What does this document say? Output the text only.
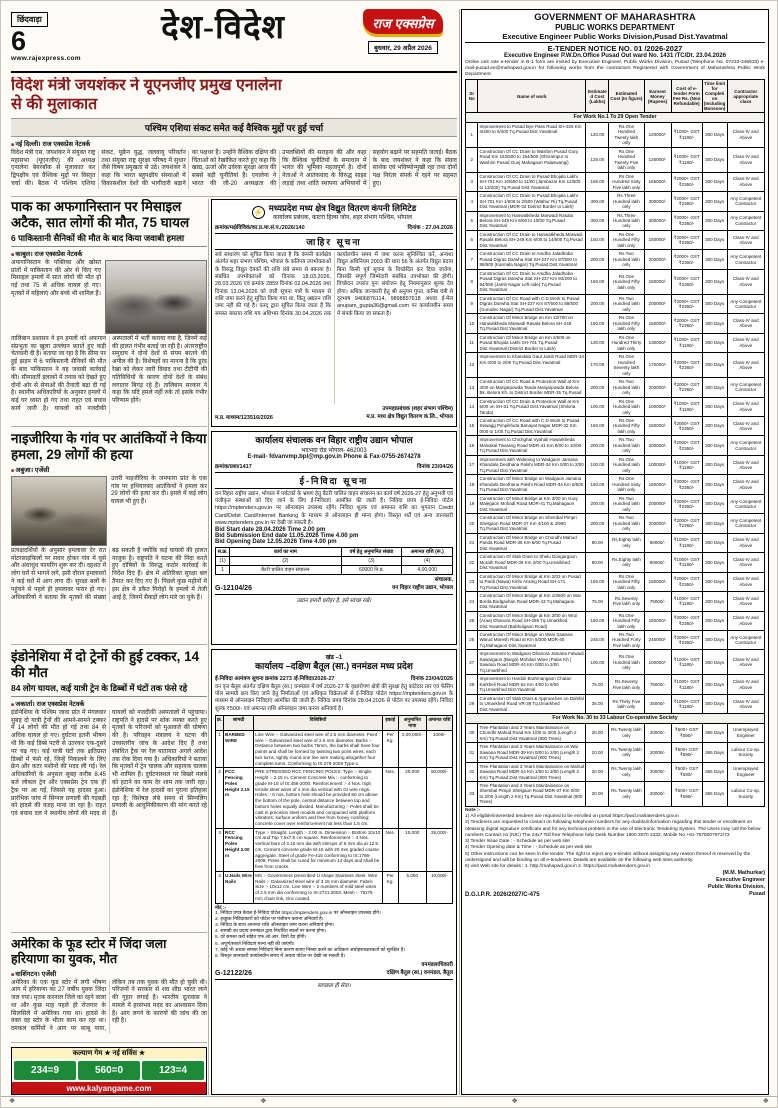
छिंदवाड़ा
6
www.rajexpress.com
देश-विदेश	राज एक्सप्रेस
बुधवार, 29 अप्रैल 2026
विदेश मंत्री जयशंकर ने यूएनजीए प्रमुख एनालेना से की मुलाकात
पश्चिम एशिया संकट समेत कई वैश्विक मुद्दों पर हुई चर्चा
■ नई दिल्ली। राज एक्सप्रेस नेटवर्क
विदेश मंत्री एस. जयशंकर ने संयुक्त राष्ट्र महासभा (यूएनजीए) की अध्यक्ष एनालेना बेयरबॉक से मुलाकात कर द्विपक्षीय एवं वैश्विक मुद्दों पर विस्तृत चर्चा की। बैठक में पश्चिम एशिया संकट, यूक्रेन युद्ध, जलवायु परिवर्तन तथा संयुक्त राष्ट्र सुरक्षा परिषद में सुधार जैसे विषय प्रमुखता से उठे। जयशंकर ने कहा कि भारत बहुपक्षीय संस्थाओं में विकासशील देशों की भागीदारी बढ़ाने का पक्षधर है। उन्होंने वैश्विक दक्षिण की चिंताओं को रेखांकित करते हुए कहा कि खाद्य, ऊर्जा और उर्वरक सुरक्षा आज की सबसे बड़ी चुनौतियां हैं। एनालेना ने भारत की जी-20 अध्यक्षता की उपलब्धियों की सराहना की और कहा कि वैश्विक चुनौतियों के समाधान में भारत की भूमिका महत्वपूर्ण है। दोनों नेताओं ने आतंकवाद के विरुद्ध साझा लड़ाई तथा शांति स्थापना अभियानों में सहयोग बढ़ाने पर सहमति जताई। बैठक के बाद जयशंकर ने कहा कि संवाद सार्थक एवं भविष्योन्मुखी रहा तथा दोनों पक्ष निरंतर संपर्क में रहने पर सहमत हुए।
पाक का अफगानिस्तान पर मिसाइल अटैक, सात लोगों की मौत, 75 घायल
6 पाकिस्तानी सैनिकों की मौत के बाद किया जवाबी हमला
■ काबुल। राज एक्सप्रेस नेटवर्क
अफगानिस्तान के पक्तिका और खोस्त प्रांतों में पाकिस्तान की ओर से किए गए मिसाइल हमलों में सात लोगों की मौत हो गई तथा 75 से अधिक घायल हो गए। मृतकों में महिलाएं और बच्चे भी शामिल हैं।
तालिबान प्रशासन ने इन हमलों को अफगान संप्रभुता का खुला उल्लंघन बताते हुए कड़ी चेतावनी दी है। बताया जा रहा है कि सीमा पर हुई झड़प में 6 पाकिस्तानी सैनिकों की मौत के बाद पाकिस्तान ने यह जवाबी कार्रवाई की। सीमावर्ती इलाकों में तनाव को देखते हुए दोनों ओर से सेनाओं की तैनाती बढ़ा दी गई है। स्थानीय अधिकारियों के अनुसार हमलों में कई घर ध्वस्त हो गए तथा राहत एवं बचाव कार्य जारी है। घायलों को नजदीकी अस्पतालों में भर्ती कराया गया है, जिनमें कई की हालत गंभीर बताई जा रही है। अंतरराष्ट्रीय समुदाय ने दोनों देशों से संयम बरतने की अपील की है। विशेषज्ञों का मानना है कि डूरंड रेखा को लेकर जारी विवाद तथा टीटीपी की गतिविधियों के कारण दोनों देशों के संबंध लगातार बिगड़ रहे हैं। तालिबान सरकार ने कहा कि यदि हमले नहीं रुके तो इसके गंभीर परिणाम होंगे।
नाइजीरिया के गांव पर आतंकियों ने किया हमला, 29 लोगों की हत्या
■ अबुजा। एजेंसी
उत्तरी नाइजीरिया के जमफारा प्रांत के एक गांव पर हथियारबंद आतंकियों ने हमला कर 29 लोगों की हत्या कर दी। हमले में कई लोग घायल भी हुए हैं।
प्रत्यक्षदर्शियों के अनुसार हमलावर देर रात मोटरसाइकिलों पर सवार होकर गांव में घुसे और अंधाधुंध फायरिंग शुरू कर दी। दहशत में लोग घरों से भागने लगे, इसी दौरान हमलावरों ने कई घरों में आग लगा दी। सुरक्षा बलों के पहुंचने से पहले ही हमलावर फरार हो गए। अधिकारियों ने बताया कि मृतकों की संख्या बढ़ सकती है क्योंकि कई घायलों की हालत नाजुक है। राष्ट्रपति ने घटना की निंदा करते हुए दोषियों के विरुद्ध कठोर कार्रवाई के निर्देश दिए हैं। क्षेत्र में अतिरिक्त सुरक्षा बल तैनात कर दिए गए हैं। पिछले कुछ महीनों में इस क्षेत्र में डकैत गिरोहों के हमलों में तेजी आई है, जिनमें सैकड़ों लोग मारे जा चुके हैं।
इंडोनेशिया में दो ट्रेनों की हुई टक्कर, 14 की मौत
84 लोग घायल, कई यात्री ट्रेन के डिब्बों में घंटों तक फंसे रहे
■ जकार्ता। राज एक्सप्रेस नेटवर्क
इंडोनेशिया के पश्चिम जावा प्रांत में मंगलवार सुबह दो यात्री ट्रेनों की आमने-सामने टक्कर में 14 लोगों की मौत हो गई तथा 84 से अधिक घायल हो गए। दुर्घटना इतनी भीषण थी कि कई डिब्बे पटरी से उतरकर एक-दूसरे पर चढ़ गए। कई यात्री घंटों तक क्षतिग्रस्त डिब्बों में फंसे रहे, जिन्हें निकालने के लिए क्रेन और कटर मशीनों की मदद ली गई। रेल अधिकारियों के अनुसार सुबह करीब 8.45 बजे लोकल ट्रेन और एक्सप्रेस ट्रेन एक ही ट्रैक पर आ गईं, जिससे यह हादसा हुआ। प्रारंभिक जांच में सिग्नल प्रणाली की गड़बड़ी को हादसे की वजह माना जा रहा है। राहत एवं बचाव दल ने स्थानीय लोगों की मदद से घायलों को नजदीकी अस्पतालों में पहुंचाया। राष्ट्रपति ने हादसे पर शोक व्यक्त करते हुए मृतकों के परिजनों को मुआवजे की घोषणा की है। परिवहन मंत्रालय ने घटना की उच्चस्तरीय जांच के आदेश दिए हैं तथा संबंधित ट्रैक पर रेल यातायात अगले आदेश तक रोक दिया गया है। अधिकारियों ने बताया कि मृतकों में ट्रेन चालक और सहायक चालक भी शामिल हैं। दुर्घटनास्थल पर बिखरे मलबे को हटाने का काम देर शाम तक जारी रहा। इंडोनेशिया में रेल हादसों का पुराना इतिहास रहा है; विशेषज्ञ लंबे समय से सिग्नलिंग प्रणाली के आधुनिकीकरण की मांग करते रहे हैं।
अमेरिका के फूड स्टोर में जिंदा जला हरियाणा का युवक, मौत
■ वाशिंगटन। एजेंसी
अमेरिका के एक फूड स्टोर में लगी भीषण आग में हरियाणा का 27 वर्षीय युवक जिंदा जल गया। मृतक करनाल जिले का रहने वाला था और कुछ माह पहले ही रोजगार के सिलसिले में अमेरिका गया था। हादसे के वक्त वह स्टोर के भीतर काम कर रहा था। दमकल कर्मियों ने आग पर काबू पाया, लेकिन तब तक युवक की मौत हो चुकी थी। परिजनों ने सरकार से शव शीघ्र भारत लाने की गुहार लगाई है। भारतीय दूतावास ने मामले में हरसंभव मदद का आश्वासन दिया है। आग लगने के कारणों की जांच की जा रही है।
कल्याण गेम ★ नई सर्विस ★
234=9	560=0	123=4
www.kalyangame.com
⚡ मध्यप्रदेश मध्य क्षेत्र विद्युत वितरण कंपनी लिमिटेड
कार्यालय प्रबंधक, काटरा हिल्स जोन, शहर संभाग पश्चिम, भोपाल
क्रमांक/मक्षेविविकं/का.प्र./श.सं.प./2026/140	दिनांक : 27.04.2026
जाहिर सूचना
सर्व साधारण को सूचित किया जाता है कि कंपनी कार्यक्षेत्र अंतर्गत शहर संभाग पश्चिम, भोपाल के कतिपय उपभोक्ताओं के विरुद्ध विद्युत देयकों की राशि लंबे समय से बकाया है। संबंधित उपभोक्ताओं को दिनांक 18.03.2026, 28.03.2026 एवं क्रमांक 2859 दिनांक 02.04.2026 तथा दिनांक 13.04.2026 को जारी सूचना पत्रों के माध्यम से राशि जमा करने हेतु सूचित किया गया था, किंतु अद्यतन राशि जमा नहीं की गई है। एतद् द्वारा सूचित किया जाता है कि समस्त बकाया राशि मय अधिभार दिनांक 30.04.2026 तक कार्यालयीन समय में जमा करना सुनिश्चित करें, अन्यथा विद्युत अधिनियम 2003 की धारा 56 के अंतर्गत विद्युत प्रदाय बिना किसी पूर्व सूचना के विच्छेदित कर दिया जावेगा, जिसकी संपूर्ण जिम्मेदारी संबंधित उपभोक्ता की होगी। विच्छेदन उपरांत पुनः संयोजन हेतु नियमानुसार शुल्क देय होगा। अधिक जानकारी हेतु श्री अनुपम गुप्ता, कनिष्ठ यंत्री से दूरभाष 9406876114, 9898897618 अथवा ई-मेल anupam_gupta36@gmail.com पर कार्यालयीन समय में संपर्क किया जा सकता है।
म.प्र. माध्यम/123516/2026
उपमहाप्रबंधक (शहर संभाग पश्चिम)
म.प्र. मध्य क्षेत्र विद्युत वितरण कं.लि., भोपाल
कार्यालय संचालक वन विहार राष्ट्रीय उद्यान भोपाल
भदभदा रोड भोपाल- 462003
E-mail- fdvanvmp.bpl@mp.gov.in Phone & Fax-0755-2674278
क्रमांक/प्रशा/1417	दिनांक 23/04/26
ई-निविदा सूचना
वन विहार राष्ट्रीय उद्यान, भोपाल में पर्यटकों के भ्रमण हेतु बैटरी चालित वाहन संचालन का कार्य वर्ष 2026-27 हेतु अनुभवी एवं पंजीकृत संस्थाओं को दिए जाने के लिए ई-निविदाएं आमंत्रित की जाती हैं। निविदा प्रपत्र ई-निविदा पोर्टल https://mptenders.gov.in पर ऑनलाइन उपलब्ध रहेंगे। निविदा शुल्क एवं अमानत राशि का भुगतान Credit Card/Debit Card/Internet Banking के माध्यम से ऑनलाइन ही मान्य होगा। विस्तृत शर्तें एवं अन्य जानकारी www.mptenders.gov.in पर देखी जा सकती है।
Bid Start date 28.04.2026 Time 2.00 pm
Bid Submission End date 11.05.2026 Time 4.00 pm
Bid Opening Date 12.05.2026 Time 4.00 pm
स.क्र.	कार्य का नाम	वर्ष हेतु अनुमानित संख्या	अमानत राशि (रू.)
(1)	(2)	(3)	(4)
1	बैटरी चालित वाहन संचालन	60000 नि.प्र.	4,00,000
G-12104/26
संचालक,
वन विहार राष्ट्रीय उद्यान, भोपाल
उद्यान हमारी धरोहर है, इसे स्वच्छ रखें।
खंड –1
कार्यालय –दक्षिण बैतूल (सा.) वनमंडल मध्य प्रदेश
ई-निविदा आमंत्रण सूचना क्रमांक 2273 /ई-निविदा/2026-27	दिनांक 23/04/2026
वन वृत्त बैतूल अंतर्गत दक्षिण बैतूल (सा.) वनमंडल में वर्ष 2026-27 के वृक्षारोपण क्षेत्रों की सुरक्षा हेतु कांटेदार तार एवं फेंसिंग पोल सामग्री क्रय किए जाने हेतु निर्माताओं एवं अधिकृत विक्रेताओं से ई-निविदा पोर्टल https://mptenders.gov.in के माध्यम से ऑनलाइन निविदाएं आमंत्रित की जाती हैं। निविदा प्रपत्र दिनांक 28.04.2026 से पोर्टल पर उपलब्ध रहेंगे। निविदा शुल्क ₹500/- एवं अमानत राशि ऑनलाइन जमा करना अनिवार्य है।
क्र.	सामग्री	विशिष्टियाँ	इकाई	अनुमानित मात्रा	अमानत राशि
1	BARBED WIRE	Line Wire :- Galvanized steel wire of 2.5 mm diameter. Point wire :- Galvanized steel wire of 2.5 mm diameter. Barbs :- Distance between two barbs 75mm, the barbs shall have four points and shall be formed by twisting two point wires, each two turns, tightly round one line wire making altogether four complete turns. Conforming to IS:278-2009 Type-1.	Per Kg.	2,00,000/-	1000/-
2	PCC Fencing Poles Height 2.15 m	PRE STRESSED RCC FENCING POLES. Type :- Single. Height :- 2.15 m. Cement Concrete Mix :- conforming to grade M-15 of IS:456-2000. Reinforcement :- 4 Nos. high tensile steel wires of 4 mm dia vertical with GI wire rings. Holes :- 6 nos, bottom hole should be provided 50 cm above the bottom of the pole, central distance between top and bottom holes equally divided. Manufacturing :- Poles shall be cast in precision steel moulds and compacted with platform vibrators; surface uniform and free from honey combing; concrete cover over reinforcement not less than 1.5 cm.	Nos.	25,000	50,000/-
3	RCC Fencing Poles Height 2.00 m	Type :- Straight. Length :- 2.00 m. Dimension :- Bottom 10x10 cm and Top 7.5x7.5 cm square. Reinforcement :- 4 Nos. vertical bars of 3.15 mm dia with stirrups of 6 mm dia at 12.5 cm. Cement concrete grade M-15 with 20 mm graded coarse aggregate. Steel of grade Fe-415 conforming to IS:1786-2008. Poles shall be cured for minimum 14 days and shall be free from cracks.	Nos.	15,000	25,000/-
4	U.Nails Wire Nails	MS :- Government prescribed U shape Stainless Steel. Wire Nails :- Galvanized steel wire of 3.15 mm diameter. Fabric Size :- 10x12 cm. Line Wire :- 2 numbers of mild steel wires of 2.5 mm dia conforming to IS-2721:2003. Mesh :- 75x75 mm chain link, zinc coated.	Per Kg.	5,000	10,000/-
नोट :-
1. निविदा प्रपत्र केवल ई-निविदा पोर्टल https://mptenders.gov.in पर ऑनलाइन उपलब्ध होंगे।
2. इच्छुक निविदाकारों को पोर्टल पर पंजीयन कराना अनिवार्य है।
3. निविदा के साथ अमानत राशि ऑनलाइन जमा करना अनिवार्य होगा।
4. सामग्री का प्रदाय वनमंडल द्वारा निर्धारित स्थलों पर करना होगा।
5. दरें समस्त करों सहित एफ.ओ.आर. डिपो देय होंगी।
6. अपूर्ण/सशर्त निविदाएं मान्य नहीं की जाएंगी।
7. कोई भी अथवा समस्त निविदाएं बिना कारण बताए निरस्त करने का अधिकार अधोहस्ताक्षरकर्ता को सुरक्षित है।
8. विस्तृत जानकारी कार्यालयीन समय में अथवा पोर्टल पर देखी जा सकती है।
G-12122/26
वनमंडलाधिकारी
दक्षिण बैतूल (सा.) वनमंडल, बैतूल
स्वच्छता ही सेवा।
GOVERNMENT OF MAHARASHTRA
PUBLIC WORKS DEPARTMENT
Executive Engineer Public Works Division,Pusad Dist.Yavatmal
E-TENDER NOTICE NO. 01 /2026-2027
Executive Engineer P.W.Dn.Office Pusad Out ward No. 1431 /TC/Dt. 23.04.2026
Online unit rate e-tender in B-1 form are invited by Executive Engineer, Public Works Division, Pusad (Telephone No. 07233-246533) e-mail-pusad.ee@mahapwd.gov.in for following works from the contractors Registered with Government of Maharashtra Public Work Department.
Sr No	Name of work	Estimated Cost (Lakhs)	Estimated Cost (In figure)	Earnest Money (Rupees)	Cost of e-tender Form Fee Rs. (Non Refundable)	Time limit for Completion (Including Monsoon)	Contractor appropriate class
For Work No.1 To 29 Open Tender							
1	Improvement to Pusad Bye Pass Road SH-326 Km 4/400 to 5/400 Tq.Pusad Dist.Yavatmal	120.00	Rs.One Hundred Twenty lakh only	120000/-	₹1000+ GST ₹1180/-	300 Days	Class-IV and Above
2	Construction Of CC Drain to Washim Pusad Gunj Road Km 153/500 to 154/500 (Shrirampur to Washim Pusad Gunj Mahagaon Palaswangi)	125.00	Rs.One Hundred Twenty Five lakh only	125000/-	₹1000+ GST ₹1180/-	300 Days	Class-IV and Above
3	Construction Of CC Drain to Pusad Bhojala Lakhi SH-701 Km 10/500 to 11/00 (Jambazar Km 12/500 to 13/200) Tq.Pusad Dist.Yavatmal	165.00	Rs.One Hundred Sixty Five lakh only	165000/-	₹2000+ GST ₹2360/-	300 Days	Class-IV and Above
4	Construction Of CC Drain to Pusad Bhojala Lakhi SH-701 Km 1/500 to 2/500 (Wathur Ri) Tq.Pusad Dist.Yavatmal (MDR-32 District Border to Lakh)	300.00	Rs.Three Hundred lakh only	300000/-	₹2000+ GST ₹2360/-	300 Days	Any Competent Contractor
5	Improvement to Hanwatkheda Marwadi Rasala Belora SH-249 Km 6/00 to 10/00 Tq.Pusad Dist.Yavatmal	300.00	Rs.Three Hundred lakh only	300000/-	₹2000+ GST ₹2360/-	300 Days	Any Competent Contractor
6	Construction Of CC Drain to Hanwatkheda Marwadi Rasala Belora SH-249 Km 6/00 to 14/500 Tq.Pusad Dist.Yavatmal	150.00	Rs.One Hundred Fifty lakh only	150000/-	₹2000+ GST ₹2360/-	300 Days	Class-IV and Above
7	Construction Of CC Drain to Amdha Jaladhaba Pusad Digras Darwha Stat SH-237 Km 87/500 to 88/500 (Karmala Nagar) Tq.Pusad Dist.Yavatmal	200.00	Rs.Two Hundred lakh only	200000/-	₹2000+ GST ₹2360/-	300 Days	Any Competent Contractor
8	Construction Of CC Drain to Amdha Jaladhaba Pusad Digras Darwha Stat SH-237 Km 94/200 to 94/550 (Jamb Nagar Left side) Tq.Pusad Dist.Yavatmal	150.00	Rs.One Hundred Fifty lakh only	150000/-	₹2000+ GST ₹2360/-	300 Days	Class-IV and Above
9	Construction Of CC Road with C.D.Work to Pusad Digras Darwha Stat SH-237 Km 87/500 to 88/500 (Gurudeo Nagar) Tq.Pusad Dist.Yavatmal	200.00	Rs.Two Hundred lakh only	200000/-	₹2000+ GST ₹2360/-	300 Days	Any Competent Contractor
10	Construction Of Minor Bridge on Km 12/700 on Hanwatkheda Marwadi Rasala Belora SH-249 Tq.Pusad Dist.Yavatmal	150.00	Rs.One Hundred Fifty lakh only	150000/-	₹2000+ GST ₹2360/-	300 Days	Class-IV and Above
11	Construction Of Minor Bridge on Km 2/500 on Pusad Bhojala Lakhi SH-701 Tq.Pusad Dist.Yavatmal (District Border to Lakh)	130.00	Rs.One Hundred Thirty lakh only	130000/-	₹1000+ GST ₹1180/-	300 Days	Class-IV and Above
12	Improvement to Khandala Gaul Jamb Road MDR-34 Km 0/00 to 2/00 Tq.Pusad Dist.Yavatmal	170.00	Rs.One Hundred Seventy lakh only	170000/-	₹2000+ GST ₹2360/-	300 Days	Class-IV and Above
13	Construction Of CC Road & Protection Wall at Km 4/00 on Manjarpowda Tanda Manjarpowda Belora Bk. Belora Kh. to District Border MDR-35 Tq.Pusad	200.00	Rs.Two Hundred lakh only	200000/-	₹2000+ GST ₹2360/-	300 Days	Any Competent Contractor
14	Construction Of CC Drain & Protection Wall at Km 6/00 on SH-31 Tq.Pusad Dist.Yavatmal (Shilona Tanda)	100.00	Rs.One Hundred lakh only	100000/-	₹1000+ GST ₹1180/-	300 Days	Class-IV and Above
15	Construction Of CC Road with C.D.Work to Pusad Sewagg Pimpikhuta Banayat Nagar MDR-32 Km 0/00 to 1/00 Tq.Pusad Dist.Yavatmal	150.00	Rs.One Hundred Fifty lakh only	150000/-	₹2000+ GST ₹2360/-	300 Days	Class-IV and Above
16	Improvement to Chichghat Vyahali Howarkheda Malvakal Twarang Road MDR-41 Km 8/00 to 10/00 Tq.Pusad Dist.Yavatmal	200.00	Rs.Two Hundred lakh only	200000/-	₹2000+ GST ₹2360/-	300 Days	Any Competent Contractor
17	Improvement with Widening to Wadgaon Jamana Khandala Deothana Palshi MDR-34 Km 0/00 to 2/00 Tq.Pusad Dist.Yavatmal	100.00	Rs.One Hundred lakh only	100000/-	₹1000+ GST ₹1180/-	300 Days	Class-IV and Above
18	Construction Of Minor Bridge on Wadgaon Jamana Khandala Deothana Palshi Road MDR-34 Km 8/500 Tq.Pusad Dist.Yavatmal	160.00	Rs.One Hundred Sixty lakh only	160000/-	₹2000+ GST ₹2360/-	300 Days	Class-IV and Above
19	Construction Of Minor Bridge at Km 3/00 on Gunj Malegaon Mohadi Road MDR-41 Tq.Mahagaon Dist.Yavatmal	200.00	Rs.Two Hundred lakh only	200000/-	₹2000+ GST ₹2360/-	300 Days	Any Competent Contractor
20	Construction Of Minor Bridge on Shembal Pimpri Shelgaon Road MDR-37 Km 4/100 & 4/900 Tq.Pusad Dist.Yavatmal	200.00	Rs.Two Hundred lakh only	200000/-	₹2000+ GST ₹2360/-	300 Days	Any Competent Contractor
21	Construction Of Minor Bridge on Chondhi Mahud Panda Road MDR-36 Km 6/00 Tq.Pusad Dist.Yavatmal	80.00	Rs.Eighty lakh only	80000/-	₹1000+ GST ₹1180/-	300 Days	Class-IV and Above
22	Construction Of Slab Drain to Shelu Dongargaon Morath Road MDR-39 Km 2/00 Tq.Umarkhed Dist.Yavatmal	80.00	Rs.Eighty lakh only	80000/-	₹1000+ GST ₹1180/-	300 Days	Class-IV and Above
23	Construction Of Minor Bridge at Km 2/03 on Pusad to Pardi (Nawa) Kinhi Ansing Road SH-171 Tq.Pusad Dist.Yavatmal	150.00	Rs.One Hundred Fifty lakh only	150000/-	₹2000+ GST ₹2360/-	300 Days	Class-IV and Above
24	Construction Of Minor Bridge at Km 10/600 on Wai Borda Bodgavhan Road MDR-43 Tq.Mahagaon Dist.Yavatmal	75.00	Rs.Seventy Five lakh only	75000/-	₹1000+ GST ₹1180/-	300 Days	Class-IV and Above
25	Construction Of Minor Bridge at Km 3/00 on Wrui (Araa) Dhanora Road SH-259 Tq.Umarkhed Dist.Yavatmal (Babhulgaon Road)	150.00	Rs.One Hundred Fifty lakh only	150000/-	₹2000+ GST ₹2360/-	300 Days	Class-IV and Above
26	Construction Of Minor Bridge on Wani Sawana Warud Maresh Road at Km 5/300 MDR-40 Tq.Mahagaon Dist.Yavatmal	245.00	Rs.Two Hundred Forty Five lakh only	245000/-	₹2000+ GST ₹2360/-	300 Days	Any Competent Contractor
27	Improvement to Wadgaon Dhanora Jamana Falwadi Sawargaon (Barga) Mohdari Ware (Palas Kh.) Sawana Road MDR-44 Km 0/00 to 2/00 Tq.Umarkhed	100.00	Rs.One Hundred lakh only	100000/-	₹1000+ GST ₹1180/-	300 Days	Class-IV and Above
28	Improvement to Hardoli Brahmangaon Chatari Karkheli Road MDR-62 Km 4/00 to 6/00 Tq.Umarkhed Dist.Yavatmal	75.00	Rs.Seventy Five lakh only	75000/-	₹1000+ GST ₹1180/-	300 Days	Class-IV and Above
29	Construction Of Slab Drain & Approaches on Dahifal to Umarkhed Road VR-39 Tq.Umarkhed Dist.Yavatmal	35.00	Rs.Thirty Five lakh only	35000/-	₹1000+ GST ₹1180/-	300 Days	Class-IV and Above
For Work No. 30 to 33 Labour Co-operative Society							
30	Tree Plantation and 3 Years Maintainance on Chondhi Mahud Road Km 1/00 to 3/00 (Length 2 Km) Tq.Pusad Dist.Yavatmal (800 Trees)	20.00	Rs.Twenty lakh only	20000/-	₹500+ GST ₹590/-	365 Days	Unemployed Engineer
31	Tree Plantation and 3 Years Maintainance on Wai Sawana Road MDR-39 Km 0/00 to 2/00 (Length 2 Km) Tq.Pusad Dist.Yavatmal (800 Trees)	20.00	Rs.Twenty lakh only	20000/-	₹500+ GST ₹590/-	365 Days	Labour Co-op. Society
32	Tree Plantation and 3 Years Maintainance on Mahud Sawana Road MDR-24 Km 1/00 to 3/00 (Length 2 Km) Tq.Pusad Dist.Yavatmal (800 Trees)	20.00	Rs.Twenty lakh only	20000/-	₹500+ GST ₹590/-	365 Days	Unemployed Engineer
33	Tree Plantation and 3 Years Maintainance on Shembal Pimpri Shelgaon Road MDR-37 Km 0/00 to 2/00 (Length 2 Km) Tq.Pusad Dist.Yavatmal (800 Trees)	20.00	Rs.Twenty lakh only	20000/-	₹500+ GST ₹590/-	365 Days	Labour Co-op. Society
Note :-
1) All eligible/interested tenderer are required to be enrolled on portal https://pwd.mahatenders.gov.in
2) Tenderers are requested to contact on following telephone numbers for any doubts/information regarding this tender or enrollment on obtaining digital signature certificate and for any technical problem in the use of Electronic Tendering System. The Users may call the below numbers Contact no (NIC) The 24x7 Toll free Telephone help Desk Number 1800 3070 2232, Mobile No +91-7878007972/73
3) Tender Issue Date : - Schedule as per web site
4) Tender Opening date & Time : - Schedule as per web site
5) Other instructions can be seen in the tender. The right to reject any e-tender without assigning any reason thereof is reserved by the undersigned and will be binding on all e-tenderers. Details are available on the following web sites authority.
6) visit Web site for details : 1. http://mahapwd.gov.in 2. https://pwd.mahatenders.gov.in
D.G.I.P.R. 2026/2027/C-475
(M.M. Mathurkar)
Executive Engineer
Public Works Division,
Pusad
❖	❖	❖	❖
